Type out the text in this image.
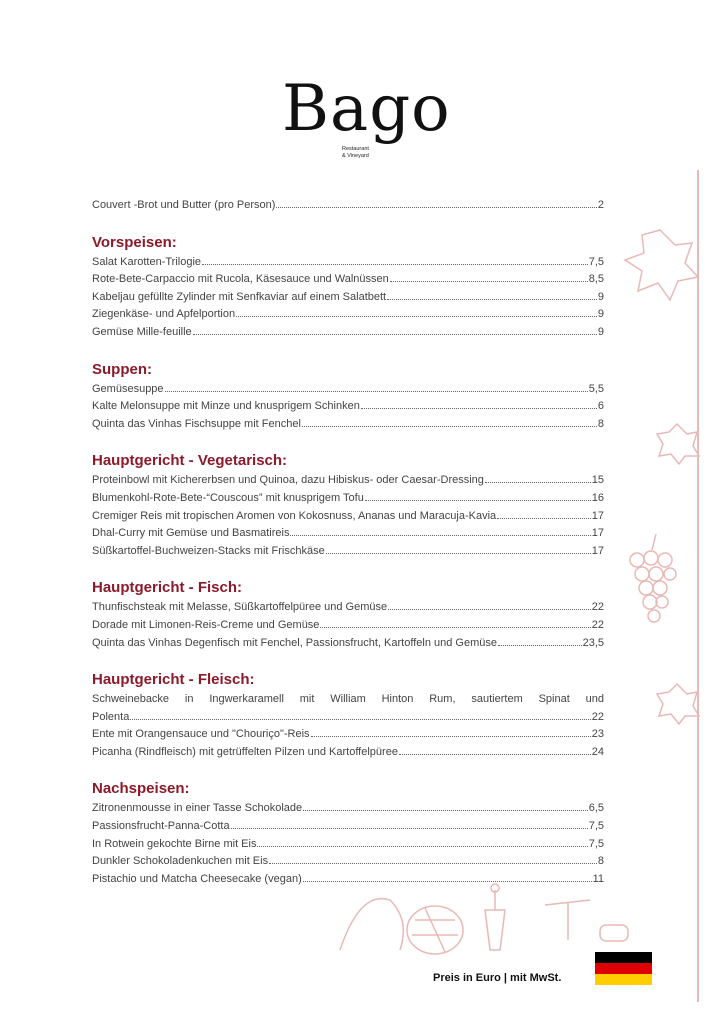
Bago
Restaurant
& Vineyard
Couvert -Brot und Butter (pro Person)	2
Vorspeisen:
Salat Karotten-Trilogie	7,5
Rote-Bete-Carpaccio mit Rucola, Käsesauce und Walnüssen	8,5
Kabeljau gefüllte Zylinder mit Senfkaviar auf einem Salatbett	9
Ziegenkäse- und Apfelportion	9
Gemüse Mille-feuille	9
Suppen:
Gemüsesuppe	5,5
Kalte Melonsuppe mit Minze und knusprigem Schinken	6
Quinta das Vinhas Fischsuppe mit Fenchel	8
Hauptgericht - Vegetarisch:
Proteinbowl mit Kichererbsen und Quinoa, dazu Hibiskus- oder Caesar-Dressing	15
Blumenkohl-Rote-Bete-“Couscous” mit knusprigem Tofu	16
Cremiger Reis mit tropischen Aromen von Kokosnuss, Ananas und Maracuja-Kavia	17
Dhal-Curry mit Gemüse und Basmatireis	17
Süßkartoffel-Buchweizen-Stacks mit Frischkäse	17
Hauptgericht - Fisch:
Thunfischsteak mit Melasse, Süßkartoffelpüree und Gemüse	22
Dorade mit Limonen-Reis-Creme und Gemüse	22
Quinta das Vinhas Degenfisch mit Fenchel, Passionsfrucht, Kartoffeln und Gemüse	23,5
Hauptgericht - Fleisch:
Schweinebacke in Ingwerkaramell mit William Hinton Rum, sautiertem Spinat und
Polenta	22
Ente mit Orangensauce und "Chouriço"-Reis	23
Picanha (Rindfleisch) mit getrüffelten Pilzen und Kartoffelpüree	24
Nachspeisen:
Zitronenmousse in einer Tasse Schokolade	6,5
Passionsfrucht-Panna-Cotta	7,5
In Rotwein gekochte Birne mit Eis	7,5
Dunkler Schokoladenkuchen mit Eis	8
Pistachio und Matcha Cheesecake (vegan)	11
Preis in Euro | mit MwSt.
